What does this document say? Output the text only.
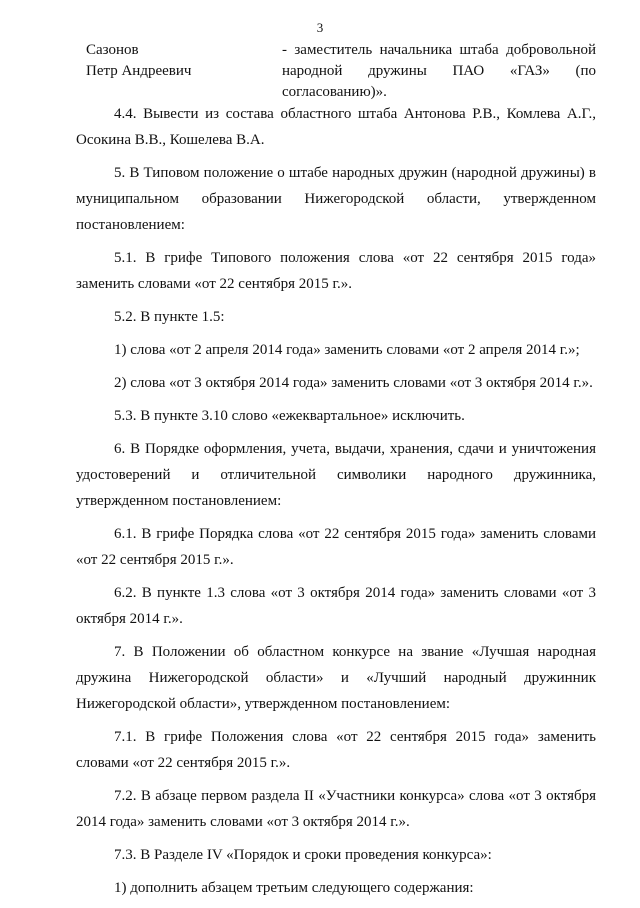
3
Сазонов
Петр Андреевич
- заместитель начальника штаба добровольной народной дружины ПАО «ГАЗ» (по согласованию)».

4.4. Вывести из состава областного штаба Антонова Р.В., Комлева А.Г., Осокина В.В., Кошелева В.А.

5. В Типовом положение о штабе народных дружин (народной дружины) в муниципальном образовании Нижегородской области, утвержденном постановлением:

5.1. В грифе Типового положения слова «от 22 сентября 2015 года» заменить словами «от 22 сентября 2015 г.».

5.2. В пункте 1.5:

1) слова «от 2 апреля 2014 года» заменить словами «от 2 апреля 2014 г.»;

2) слова «от 3 октября 2014 года» заменить словами «от 3 октября 2014 г.».

5.3. В пункте 3.10 слово «ежеквартальное» исключить.

6. В Порядке оформления, учета, выдачи, хранения, сдачи и уничтожения удостоверений и отличительной символики народного дружинника, утвержденном постановлением:

6.1. В грифе Порядка слова «от 22 сентября 2015 года» заменить словами «от 22 сентября 2015 г.».

6.2. В пункте 1.3 слова «от 3 октября 2014 года» заменить словами «от 3 октября 2014 г.».

7. В Положении об областном конкурсе на звание «Лучшая народная дружина Нижегородской области» и «Лучший народный дружинник Нижегородской области», утвержденном постановлением:

7.1. В грифе Положения слова «от 22 сентября 2015 года» заменить словами «от 22 сентября 2015 г.».

7.2. В абзаце первом раздела II «Участники конкурса» слова «от 3 октября 2014 года» заменить словами «от 3 октября 2014 г.».

7.3. В Разделе IV «Порядок и сроки проведения конкурса»:

1) дополнить абзацем третьим следующего содержания:
